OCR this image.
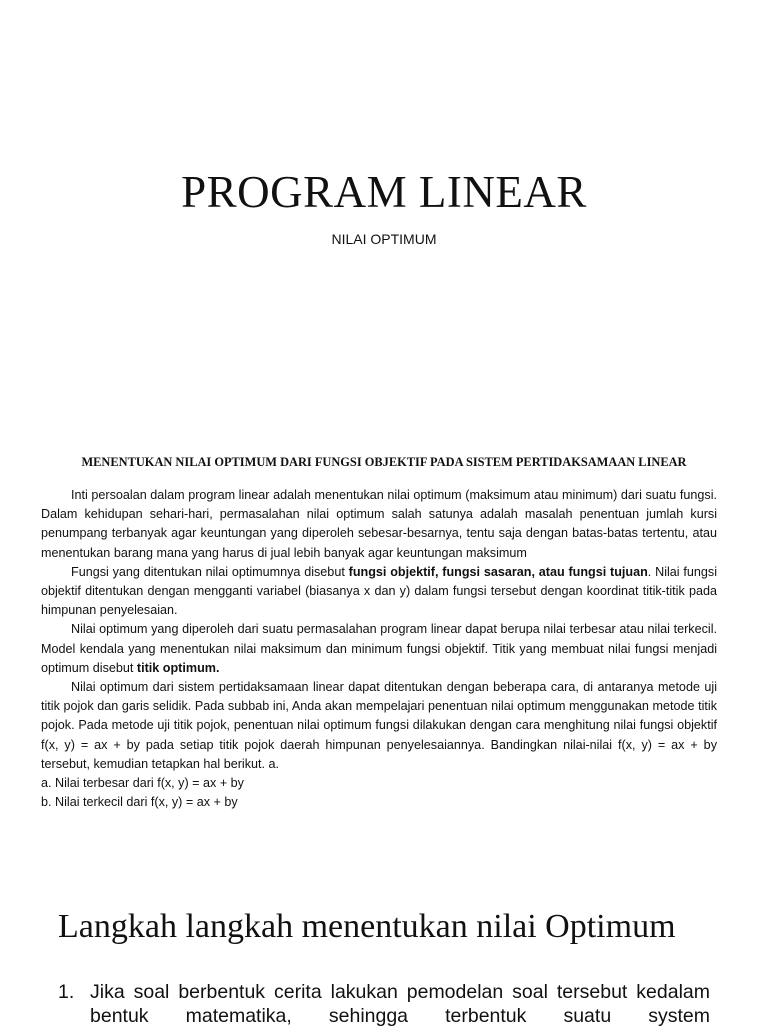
PROGRAM LINEAR
NILAI OPTIMUM
MENENTUKAN NILAI OPTIMUM DARI FUNGSI OBJEKTIF PADA SISTEM PERTIDAKSAMAAN LINEAR

Inti persoalan dalam program linear adalah menentukan nilai optimum (maksimum atau minimum) dari suatu fungsi. Dalam kehidupan sehari-hari, permasalahan nilai optimum salah satunya adalah masalah penentuan jumlah kursi penumpang terbanyak agar keuntungan yang diperoleh sebesar-besarnya, tentu saja dengan batas-batas tertentu, atau menentukan barang mana yang harus di jual lebih banyak agar keuntungan maksimum

Fungsi yang ditentukan nilai optimumnya disebut fungsi objektif, fungsi sasaran, atau fungsi tujuan. Nilai fungsi objektif ditentukan dengan mengganti variabel (biasanya x dan y) dalam fungsi tersebut dengan koordinat titik-titik pada himpunan penyelesaian.

Nilai optimum yang diperoleh dari suatu permasalahan program linear dapat berupa nilai terbesar atau nilai terkecil. Model kendala yang menentukan nilai maksimum dan minimum fungsi objektif. Titik yang membuat nilai fungsi menjadi optimum disebut titik optimum.

Nilai optimum dari sistem pertidaksamaan linear dapat ditentukan dengan beberapa cara, di antaranya metode uji titik pojok dan garis selidik. Pada subbab ini, Anda akan mempelajari penentuan nilai optimum menggunakan metode titik pojok. Pada metode uji titik pojok, penentuan nilai optimum fungsi dilakukan dengan cara menghitung nilai fungsi objektif f(x, y) = ax + by pada setiap titik pojok daerah himpunan penyelesaiannya. Bandingkan nilai-nilai f(x, y) = ax + by tersebut, kemudian tetapkan hal berikut. a.

a. Nilai terbesar dari f(x, y) = ax + by

b. Nilai terkecil dari f(x, y) = ax + by

Langkah langkah menentukan nilai Optimum
1. Jika soal berbentuk cerita lakukan pemodelan soal tersebut kedalam bentuk matematika, sehingga terbentuk suatu system
